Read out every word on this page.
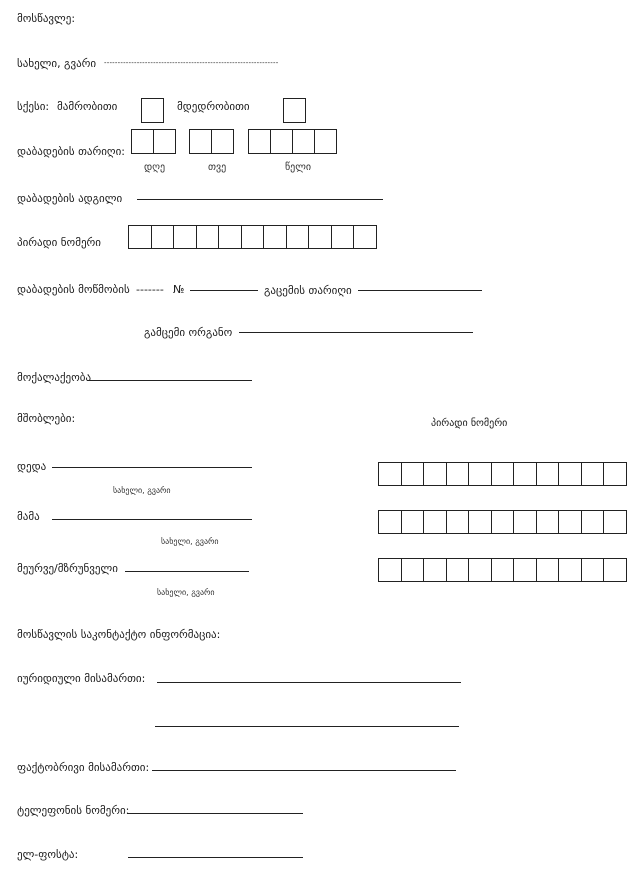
მოსწავლე:
სახელი, გვარი ----------------------------------------------------------------
სქესი: მამრობითი	მდედრობითი
დაბადების თარიღი:
დღე	თვე	წელი
დაბადების ადგილი
პირადი ნომერი
დაბადების მოწმობის ------- №	გაცემის თარიღი
გამცემი ორგანო
მოქალაქეობა
მშობლები:	პირადი ნომერი
დედა
სახელი, გვარი
მამა
სახელი, გვარი
მეურვე/მზრუნველი
სახელი, გვარი
მოსწავლის საკონტაქტო ინფორმაცია:
იურიდიული მისამართი:
ფაქტობრივი მისამართი:
ტელეფონის ნომერი:
ელ-ფოსტა:
